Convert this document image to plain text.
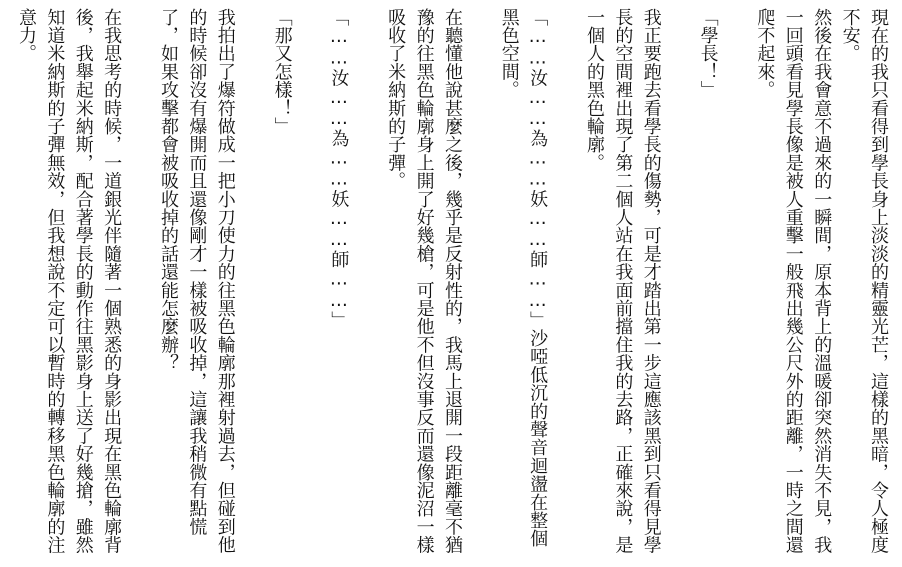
現在的我只看得到學長身上淡淡的精靈光芒，這樣的黑暗，令人極度不安。

然後在我會意不過來的一瞬間，原本背上的溫暖卻突然消失不見，我一回頭看見學長像是被人重擊一般飛出幾公尺外的距離，一時之間還爬不起來。

「學長！」

我正要跑去看學長的傷勢，可是才踏出第一步這應該黑到只看得見學長的空間裡出現了第二個人站在我面前擋住我的去路，正確來說，是一個人的黑色輪廓。

「……汝……為……妖……師……」沙啞低沉的聲音迴盪在整個黑色空間。

在聽懂他說甚麼之後，幾乎是反射性的，我馬上退開一段距離毫不猶豫的往黑色輪廓身上開了好幾槍，可是他不但沒事反而還像泥沼一樣吸收了米納斯的子彈。

「……汝……為……妖……師……」

「那又怎樣！」

我拍出了爆符做成一把小刀使力的往黑色輪廓那裡射過去，但碰到他的時候卻沒有爆開而且還像剛才一樣被吸收掉，這讓我稍微有點慌了，如果攻擊都會被吸收掉的話還能怎麼辦？

在我思考的時候，一道銀光伴隨著一個熟悉的身影出現在黑色輪廓背後，我舉起米納斯，配合著學長的動作往黑影身上送了好幾搶，雖然知道米納斯的子彈無效，但我想說不定可以暫時的轉移黑色輪廓的注意力。
